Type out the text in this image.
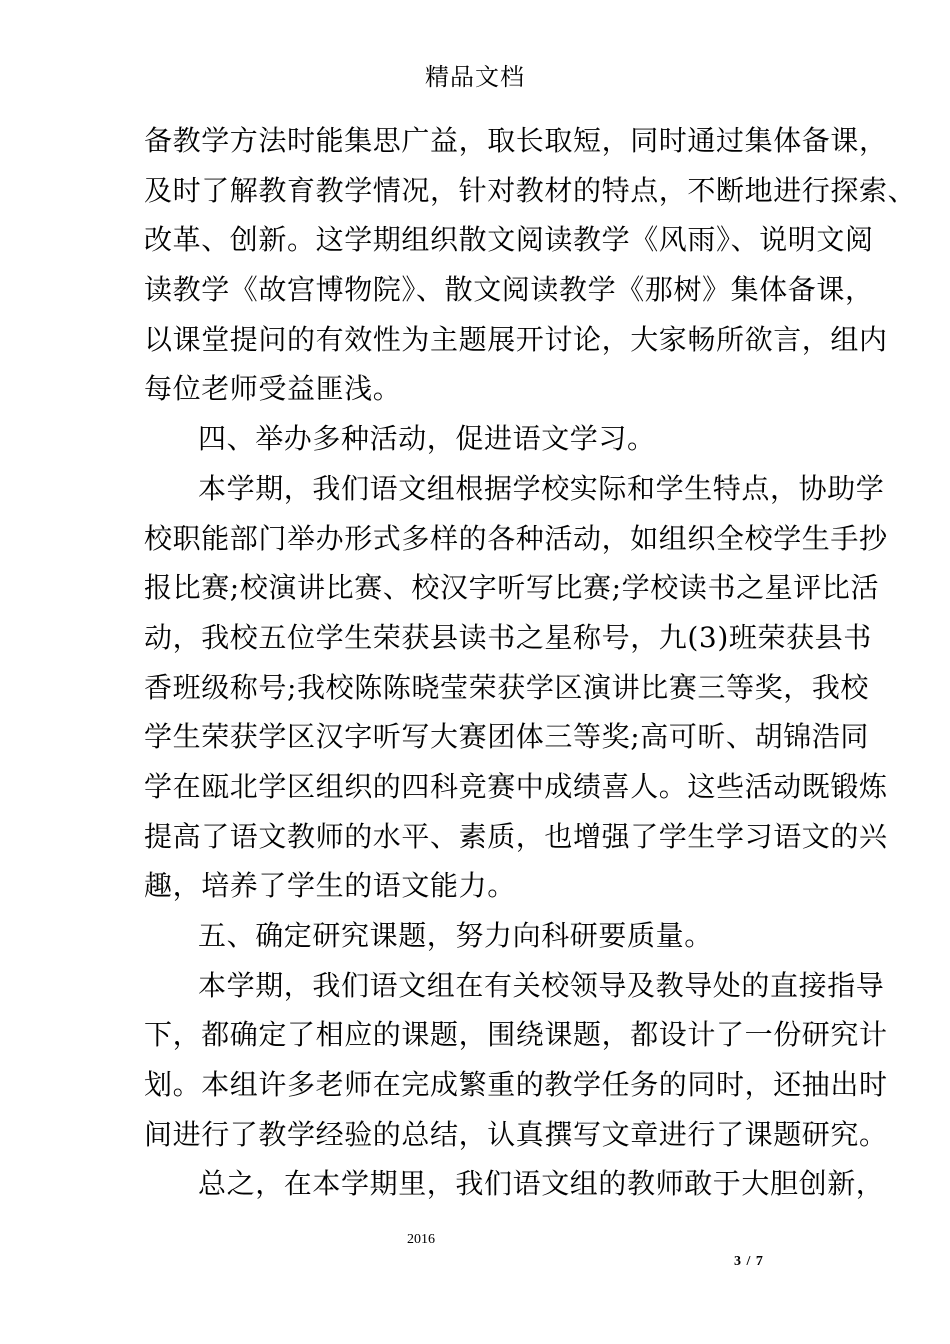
精品文档
备教学方法时能集思广益，取长取短，同时通过集体备课，
及时了解教育教学情况，针对教材的特点，不断地进行探索、
改革、创新。这学期组织散文阅读教学《风雨》、说明文阅
读教学《故宫博物院》、散文阅读教学《那树》集体备课，
以课堂提问的有效性为主题展开讨论，大家畅所欲言，组内
每位老师受益匪浅。
四、举办多种活动，促进语文学习。
本学期，我们语文组根据学校实际和学生特点，协助学
校职能部门举办形式多样的各种活动，如组织全校学生手抄
报比赛;校演讲比赛、校汉字听写比赛;学校读书之星评比活
动，我校五位学生荣获县读书之星称号，九(3)班荣获县书
香班级称号;我校陈陈晓莹荣获学区演讲比赛三等奖，我校
学生荣获学区汉字听写大赛团体三等奖;高可昕、胡锦浩同
学在瓯北学区组织的四科竞赛中成绩喜人。这些活动既锻炼
提高了语文教师的水平、素质，也增强了学生学习语文的兴
趣，培养了学生的语文能力。
五、确定研究课题，努力向科研要质量。
本学期，我们语文组在有关校领导及教导处的直接指导
下，都确定了相应的课题，围绕课题，都设计了一份研究计
划。本组许多老师在完成繁重的教学任务的同时，还抽出时
间进行了教学经验的总结，认真撰写文章进行了课题研究。
总之，在本学期里，我们语文组的教师敢于大胆创新，
2016
3 / 7
